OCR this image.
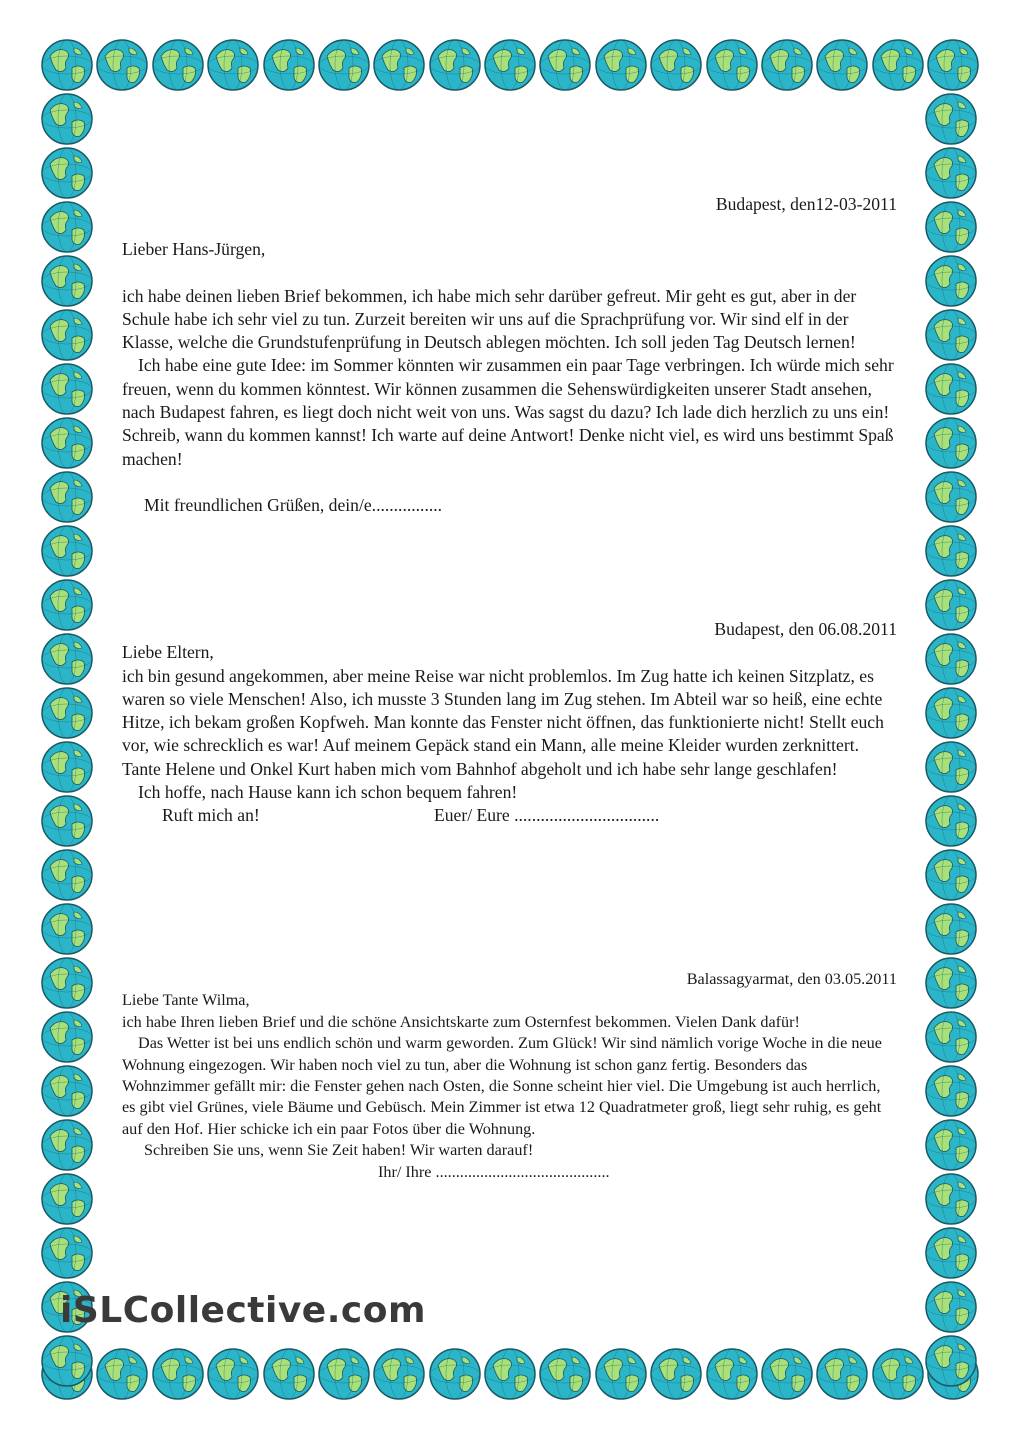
Budapest, den12-03-2011

Lieber Hans-Jürgen,

ich habe deinen lieben Brief bekommen, ich habe mich sehr darüber gefreut. Mir geht es gut, aber in der Schule habe ich sehr viel zu tun. Zurzeit bereiten wir uns auf die Sprachprüfung vor. Wir sind elf in der Klasse, welche die Grundstufenprüfung in Deutsch ablegen möchten. Ich soll jeden Tag Deutsch lernen!

Ich habe eine gute Idee: im Sommer könnten wir zusammen ein paar Tage verbringen. Ich würde mich sehr freuen, wenn du kommen könntest. Wir können zusammen die Sehenswürdigkeiten unserer Stadt ansehen, nach Budapest fahren, es liegt doch nicht weit von uns. Was sagst du dazu? Ich lade dich herzlich zu uns ein! Schreib, wann du kommen kannst! Ich warte auf deine Antwort! Denke nicht viel, es wird uns bestimmt Spaß machen!

Mit freundlichen Grüßen, dein/e................

Budapest, den 06.08.2011

Liebe Eltern,

ich bin gesund angekommen, aber meine Reise war nicht problemlos. Im Zug hatte ich keinen Sitzplatz, es waren so viele Menschen! Also, ich musste 3 Stunden lang im Zug stehen. Im Abteil war so heiß, eine echte Hitze, ich bekam großen Kopfweh. Man konnte das Fenster nicht öffnen, das funktionierte nicht! Stellt euch vor, wie schrecklich es war! Auf meinem Gepäck stand ein Mann, alle meine Kleider wurden zerknittert. Tante Helene und Onkel Kurt haben mich vom Bahnhof abgeholt und ich habe sehr lange geschlafen!

Ich hoffe, nach Hause kann ich schon bequem fahren!

Ruft mich an!	Euer/ Eure .................................

Balassagyarmat, den 03.05.2011

Liebe Tante Wilma,

ich habe Ihren lieben Brief und die schöne Ansichtskarte zum Osternfest bekommen. Vielen Dank dafür!

Das Wetter ist bei uns endlich schön und warm geworden. Zum Glück! Wir sind nämlich vorige Woche in die neue Wohnung eingezogen. Wir haben noch viel zu tun, aber die Wohnung ist schon ganz fertig. Besonders das Wohnzimmer gefällt mir: die Fenster gehen nach Osten, die Sonne scheint hier viel. Die Umgebung ist auch herrlich, es gibt viel Grünes, viele Bäume und Gebüsch. Mein Zimmer ist etwa 12 Quadratmeter groß, liegt sehr ruhig, es geht auf den Hof. Hier schicke ich ein paar Fotos über die Wohnung.

Schreiben Sie uns, wenn Sie Zeit haben! Wir warten darauf!

Ihr/ Ihre ...........................................

iSLCollective.com
